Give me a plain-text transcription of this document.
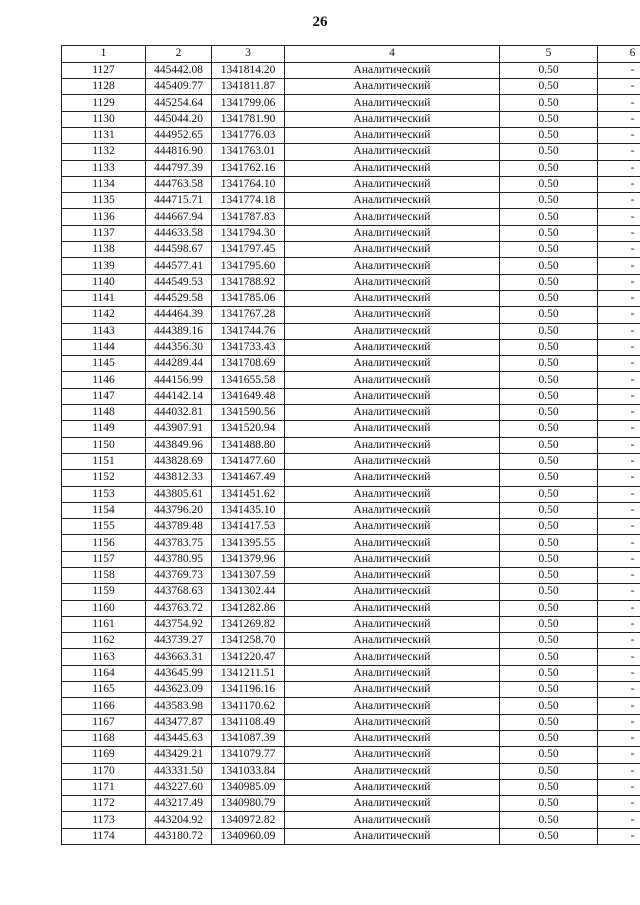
26
1	2	3	4	5	6
1127	445442.08	1341814.20	Аналитический	0.50	-
1128	445409.77	1341811.87	Аналитический	0.50	-
1129	445254.64	1341799.06	Аналитический	0.50	-
1130	445044.20	1341781.90	Аналитический	0.50	-
1131	444952.65	1341776.03	Аналитический	0.50	-
1132	444816.90	1341763.01	Аналитический	0.50	-
1133	444797.39	1341762.16	Аналитический	0.50	-
1134	444763.58	1341764.10	Аналитический	0.50	-
1135	444715.71	1341774.18	Аналитический	0.50	-
1136	444667.94	1341787.83	Аналитический	0.50	-
1137	444633.58	1341794.30	Аналитический	0.50	-
1138	444598.67	1341797.45	Аналитический	0.50	-
1139	444577.41	1341795.60	Аналитический	0.50	-
1140	444549.53	1341788.92	Аналитический	0.50	-
1141	444529.58	1341785.06	Аналитический	0.50	-
1142	444464.39	1341767.28	Аналитический	0.50	-
1143	444389.16	1341744.76	Аналитический	0.50	-
1144	444356.30	1341733.43	Аналитический	0.50	-
1145	444289.44	1341708.69	Аналитический	0.50	-
1146	444156.99	1341655.58	Аналитический	0.50	-
1147	444142.14	1341649.48	Аналитический	0.50	-
1148	444032.81	1341590.56	Аналитический	0.50	-
1149	443907.91	1341520.94	Аналитический	0.50	-
1150	443849.96	1341488.80	Аналитический	0.50	-
1151	443828.69	1341477.60	Аналитический	0.50	-
1152	443812.33	1341467.49	Аналитический	0.50	-
1153	443805.61	1341451.62	Аналитический	0.50	-
1154	443796.20	1341435.10	Аналитический	0.50	-
1155	443789.48	1341417.53	Аналитический	0.50	-
1156	443783.75	1341395.55	Аналитический	0.50	-
1157	443780.95	1341379.96	Аналитический	0.50	-
1158	443769.73	1341307.59	Аналитический	0.50	-
1159	443768.63	1341302.44	Аналитический	0.50	-
1160	443763.72	1341282.86	Аналитический	0.50	-
1161	443754.92	1341269.82	Аналитический	0.50	-
1162	443739.27	1341258.70	Аналитический	0.50	-
1163	443663.31	1341220.47	Аналитический	0.50	-
1164	443645.99	1341211.51	Аналитический	0.50	-
1165	443623.09	1341196.16	Аналитический	0.50	-
1166	443583.98	1341170.62	Аналитический	0.50	-
1167	443477.87	1341108.49	Аналитический	0.50	-
1168	443445.63	1341087.39	Аналитический	0.50	-
1169	443429.21	1341079.77	Аналитический	0.50	-
1170	443331.50	1341033.84	Аналитический	0.50	-
1171	443227.60	1340985.09	Аналитический	0.50	-
1172	443217.49	1340980.79	Аналитический	0.50	-
1173	443204.92	1340972.82	Аналитический	0.50	-
1174	443180.72	1340960.09	Аналитический	0.50	-
